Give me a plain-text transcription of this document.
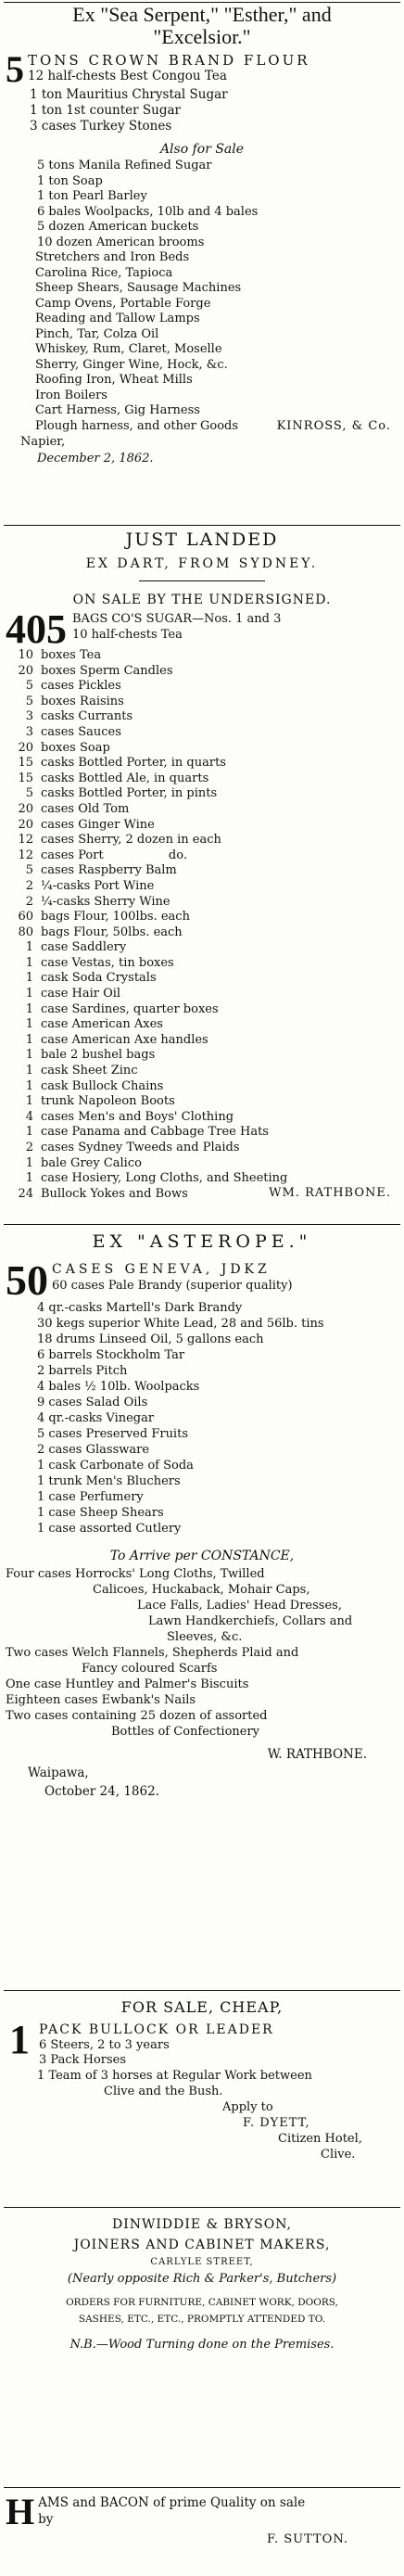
Ex "Sea Serpent," "Esther," and
"Excelsior."
5 TONS CROWN BRAND FLOUR
12 half-chests Best Congou Tea
1 ton Mauritius Chrystal Sugar
1 ton 1st counter Sugar
3 cases Turkey Stones
Also for Sale
5 tons Manila Refined Sugar
1 ton Soap
1 ton Pearl Barley
6 bales Woolpacks, 10lb and 4 bales
5 dozen American buckets
10 dozen American brooms
Stretchers and Iron Beds
Carolina Rice, Tapioca
Sheep Shears, Sausage Machines
Camp Ovens, Portable Forge
Reading and Tallow Lamps
Pinch, Tar, Colza Oil
Whiskey, Rum, Claret, Moselle
Sherry, Ginger Wine, Hock, &c.
Roofing Iron, Wheat Mills
Iron Boilers
Cart Harness, Gig Harness
Plough harness, and other Goods	KINROSS, & Co.
Napier,
December 2, 1862.
JUST LANDED
EX DART, FROM SYDNEY.
ON SALE BY THE UNDERSIGNED.
405 BAGS CO'S SUGAR—Nos. 1 and 3
10 half-chests Tea
10 boxes Tea
20 boxes Sperm Candles
5 cases Pickles
5 boxes Raisins
3 casks Currants
3 cases Sauces
20 boxes Soap
15 casks Bottled Porter, in quarts
15 casks Bottled Ale, in quarts
5 casks Bottled Porter, in pints
20 cases Old Tom
20 cases Ginger Wine
12 cases Sherry, 2 dozen in each
12 cases Port                 do.
5 cases Raspberry Balm
2 ¼-casks Port Wine
2 ¼-casks Sherry Wine
60 bags Flour, 100lbs. each
80 bags Flour, 50lbs. each
1 case Saddlery
1 case Vestas, tin boxes
1 cask Soda Crystals
1 case Hair Oil
1 case Sardines, quarter boxes
1 case American Axes
1 case American Axe handles
1 bale 2 bushel bags
1 cask Sheet Zinc
1 cask Bullock Chains
1 trunk Napoleon Boots
4 cases Men's and Boys' Clothing
1 case Panama and Cabbage Tree Hats
2 cases Sydney Tweeds and Plaids
1 bale Grey Calico
1 case Hosiery, Long Cloths, and Sheeting
24 Bullock Yokes and Bows	WM. RATHBONE.
EX "ASTEROPE."
50 CASES GENEVA, JDKZ
60 cases Pale Brandy (superior quality)
4 qr.-casks Martell's Dark Brandy
30 kegs superior White Lead, 28 and 56lb. tins
18 drums Linseed Oil, 5 gallons each
6 barrels Stockholm Tar
2 barrels Pitch
4 bales ½ 10lb. Woolpacks
9 cases Salad Oils
4 qr.-casks Vinegar
5 cases Preserved Fruits
2 cases Glassware
1 cask Carbonate of Soda
1 trunk Men's Bluchers
1 case Perfumery
1 case Sheep Shears
1 case assorted Cutlery
To Arrive per CONSTANCE,
Four cases Horrocks' Long Cloths, Twilled
Calicoes, Huckaback, Mohair Caps,
Lace Falls, Ladies' Head Dresses,
Lawn Handkerchiefs, Collars and
Sleeves, &c.
Two cases Welch Flannels, Shepherds Plaid and
Fancy coloured Scarfs
One case Huntley and Palmer's Biscuits
Eighteen cases Ewbank's Nails
Two cases containing 25 dozen of assorted
Bottles of Confectionery
W. RATHBONE.
Waipawa,
October 24, 1862.
FOR SALE, CHEAP,
1 PACK BULLOCK OR LEADER
6 Steers, 2 to 3 years
3 Pack Horses
1 Team of 3 horses at Regular Work between
Clive and the Bush.
Apply to
F. DYETT,
Citizen Hotel,
Clive.
DINWIDDIE & BRYSON,
JOINERS AND CABINET MAKERS,
CARLYLE STREET,
(Nearly opposite Rich & Parker's, Butchers)
ORDERS FOR FURNITURE, CABINET WORK, DOORS,
SASHES, ETC., ETC., PROMPTLY ATTENDED TO.
N.B.—Wood Turning done on the Premises.
H AMS and BACON of prime Quality on sale
by
F. SUTTON.
